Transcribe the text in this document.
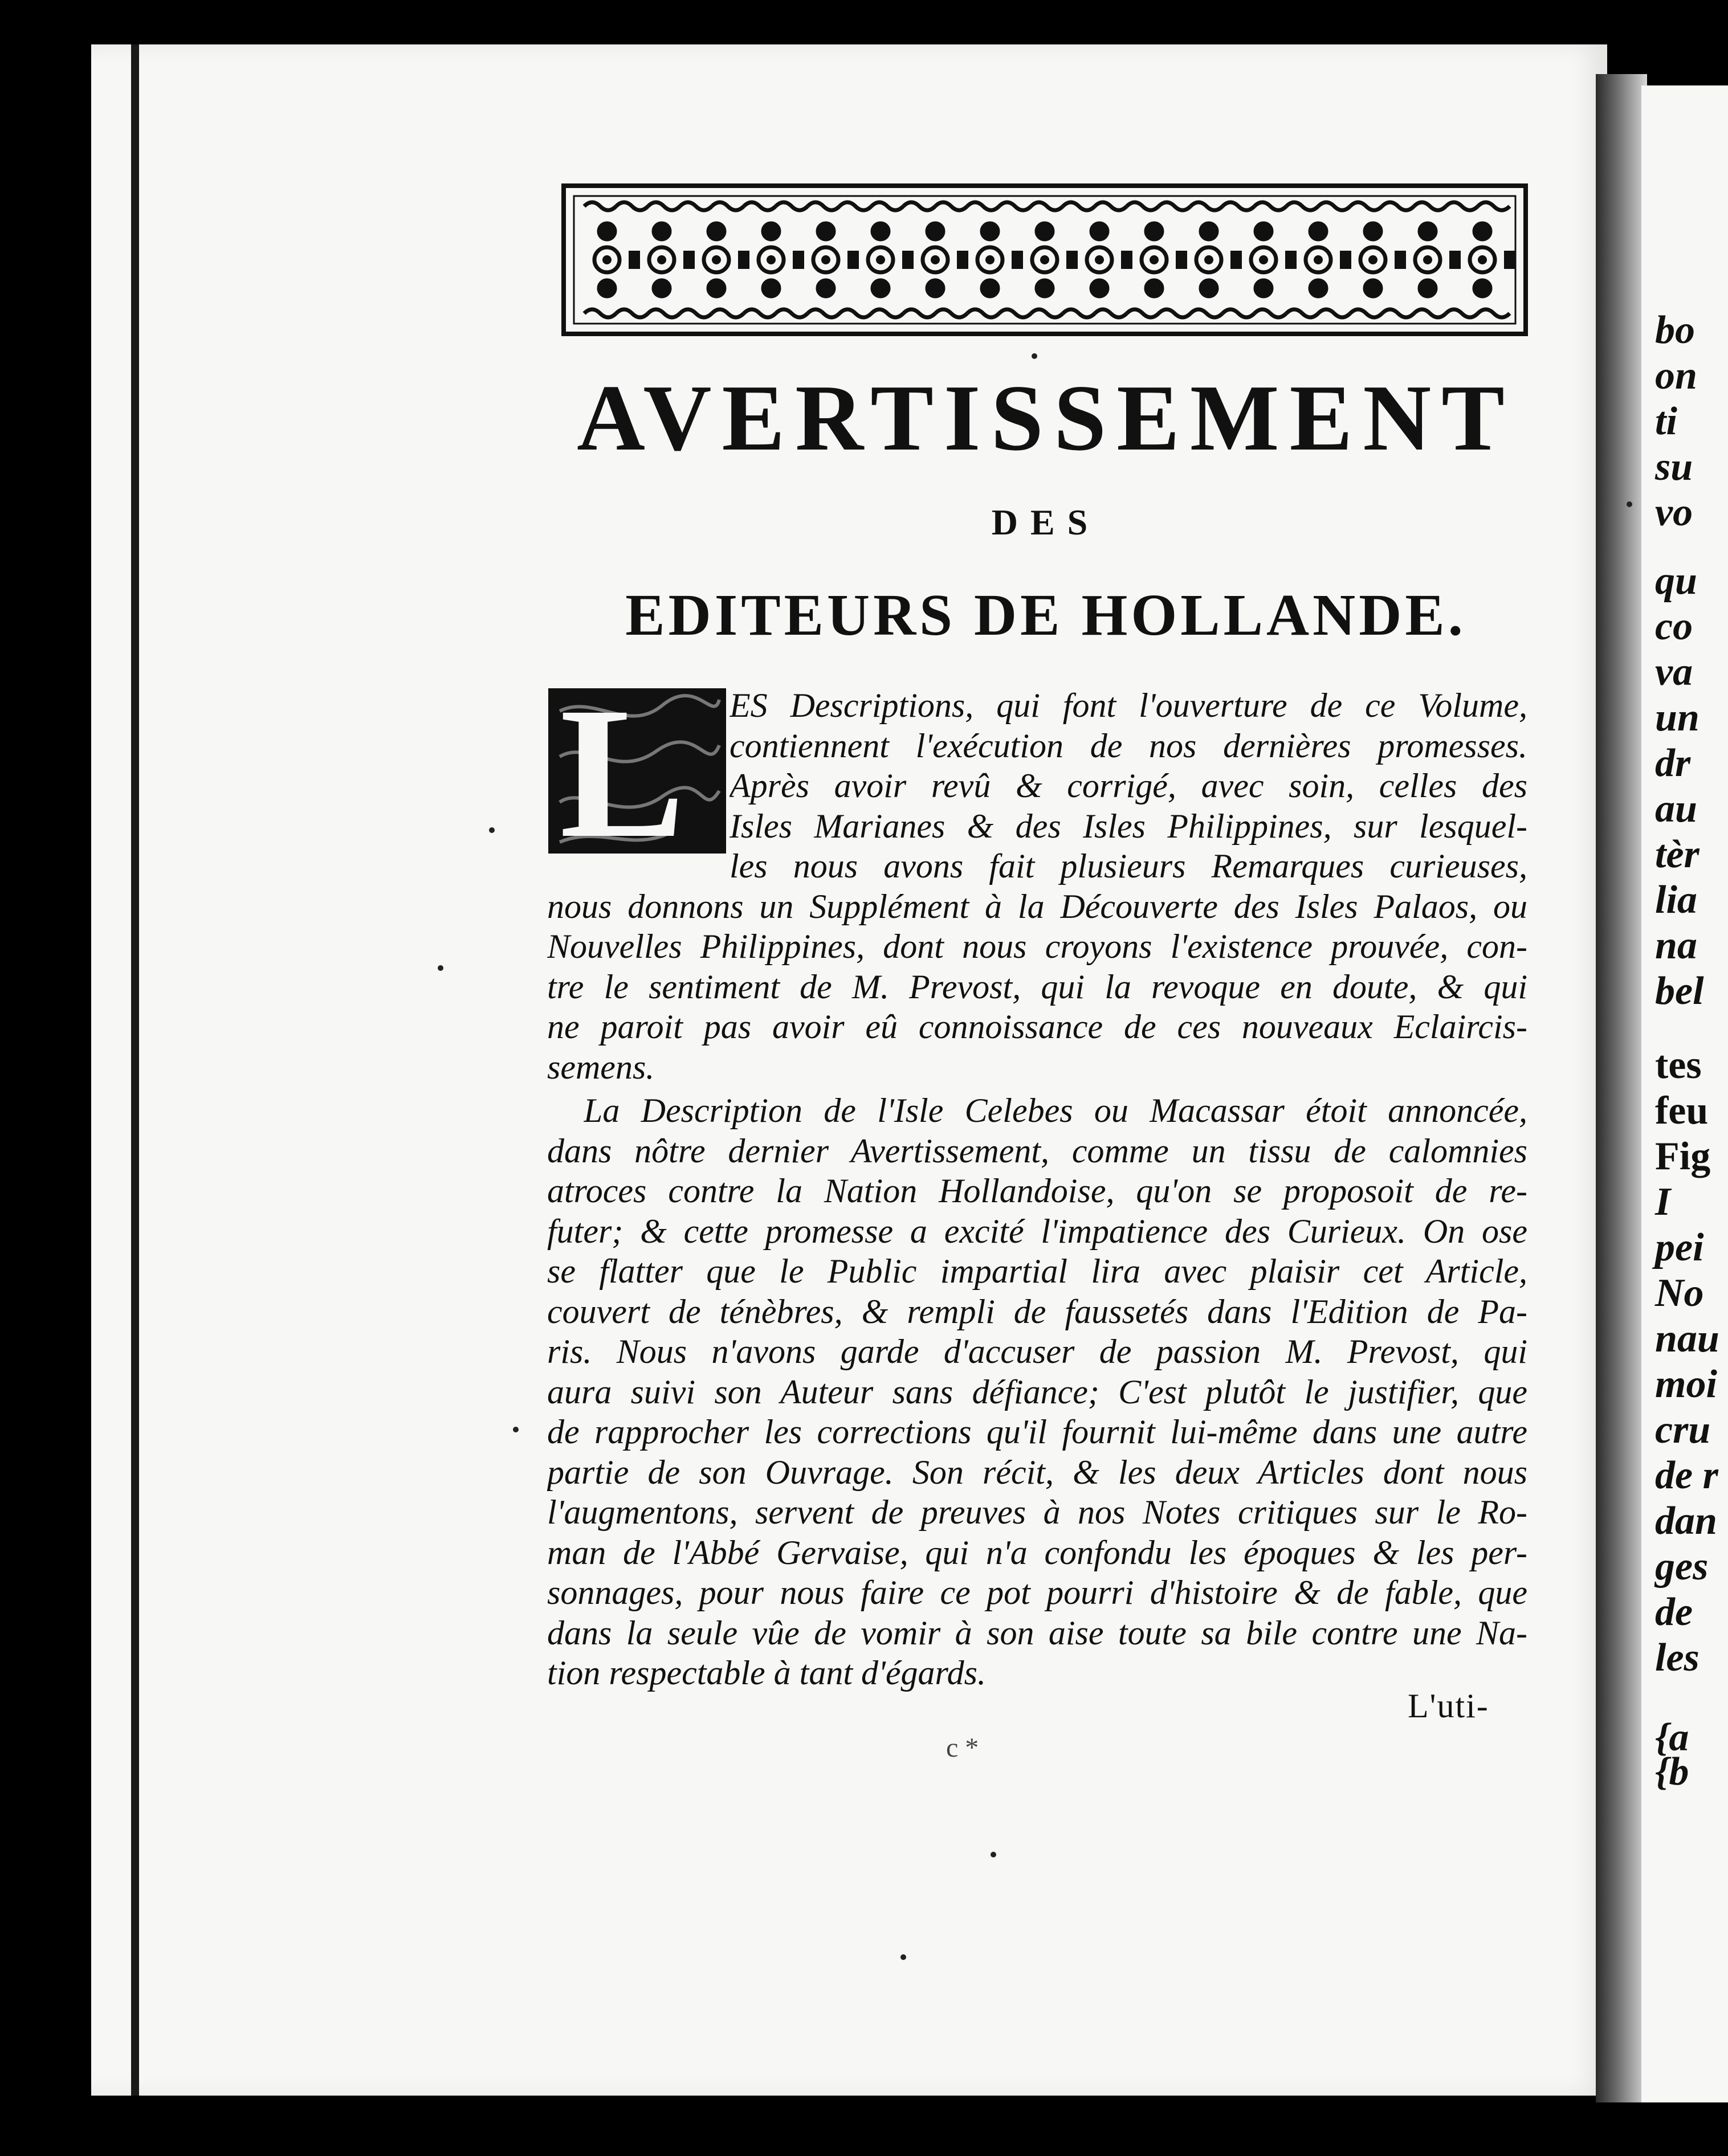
bo
on
ti
su
vo
qu
co
va
un
dr
au
tèr
lia
na
bel
tes
feu
Fig
I
pei
No
nau
moi
cru
de r
dan
ges
de
les
{a
{b
AVERTISSEMENT
DES
EDITEURS DE HOLLANDE.
L ES Descriptions, qui font l'ouverture de ce Volume,
contiennent l'exécution de nos dernières promesses.
Après avoir revû & corrigé, avec soin, celles des
Isles Marianes & des Isles Philippines, sur lesquel-
les nous avons fait plusieurs Remarques curieuses,
nous donnons un Supplément à la Découverte des Isles Palaos, ou
Nouvelles Philippines, dont nous croyons l'existence prouvée, con-
tre le sentiment de M. Prevost, qui la revoque en doute, & qui
ne paroit pas avoir eû connoissance de ces nouveaux Eclaircis-
semens.
La Description de l'Isle Celebes ou Macassar étoit annoncée,
dans nôtre dernier Avertissement, comme un tissu de calomnies
atroces contre la Nation Hollandoise, qu'on se proposoit de re-
futer; & cette promesse a excité l'impatience des Curieux. On ose
se flatter que le Public impartial lira avec plaisir cet Article,
couvert de ténèbres, & rempli de faussetés dans l'Edition de Pa-
ris. Nous n'avons garde d'accuser de passion M. Prevost, qui
aura suivi son Auteur sans défiance; C'est plutôt le justifier, que
de rapprocher les corrections qu'il fournit lui-même dans une autre
partie de son Ouvrage. Son récit, & les deux Articles dont nous
l'augmentons, servent de preuves à nos Notes critiques sur le Ro-
man de l'Abbé Gervaise, qui n'a confondu les époques & les per-
sonnages, pour nous faire ce pot pourri d'histoire & de fable, que
dans la seule vûe de vomir à son aise toute sa bile contre une Na-
tion respectable à tant d'égards.
L'uti-
c *
